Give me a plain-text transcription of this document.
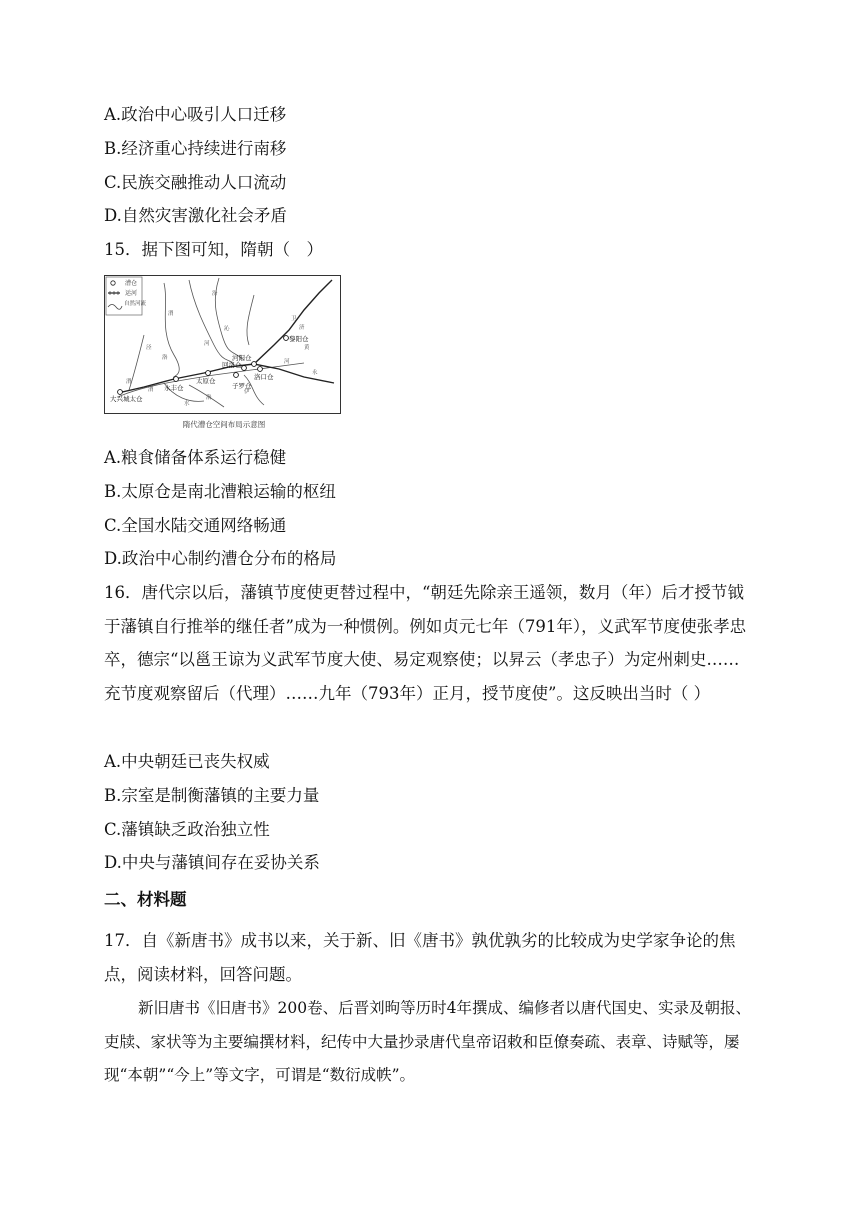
A.政治中心吸引人口迁移
B.经济重心持续进行南移
C.民族交融推动人口流动
D.自然灾害激化社会矛盾
15．据下图可知，隋朝（　）
漕仓
运河
自然河流
黎阳仓
河阳仓
回洛仓
洛口仓
子罗仓
太原仓
永丰仓
大兴城太仓
泾
渭
洛
汾
沁
卫
河
洛
伊
永
济
河
渭
黄
渭
水
隋代漕仓空间布局示意图
A.粮食储备体系运行稳健
B.太原仓是南北漕粮运输的枢纽
C.全国水陆交通网络畅通
D.政治中心制约漕仓分布的格局
16．唐代宗以后，藩镇节度使更替过程中，“朝廷先除亲王遥领，数月（年）后才授节钺于藩镇自行推举的继任者”成为一种惯例。例如贞元七年（791年），义武军节度使张孝忠卒，德宗“以邕王谅为义武军节度大使、易定观察使；以昇云（孝忠子）为定州刺史……充节度观察留后（代理）……九年（793年）正月，授节度使”。这反映出当时（ ）
A.中央朝廷已丧失权威
B.宗室是制衡藩镇的主要力量
C.藩镇缺乏政治独立性
D.中央与藩镇间存在妥协关系
二、材料题
17．自《新唐书》成书以来，关于新、旧《唐书》孰优孰劣的比较成为史学家争论的焦点，阅读材料，回答问题。
新旧唐书《旧唐书》200卷、后晋刘昫等历时4年撰成、编修者以唐代国史、实录及朝报、吏牍、家状等为主要编撰材料，纪传中大量抄录唐代皇帝诏敕和臣僚奏疏、表章、诗赋等，屡现“本朝”“今上”等文字，可谓是“数衍成帙”。
